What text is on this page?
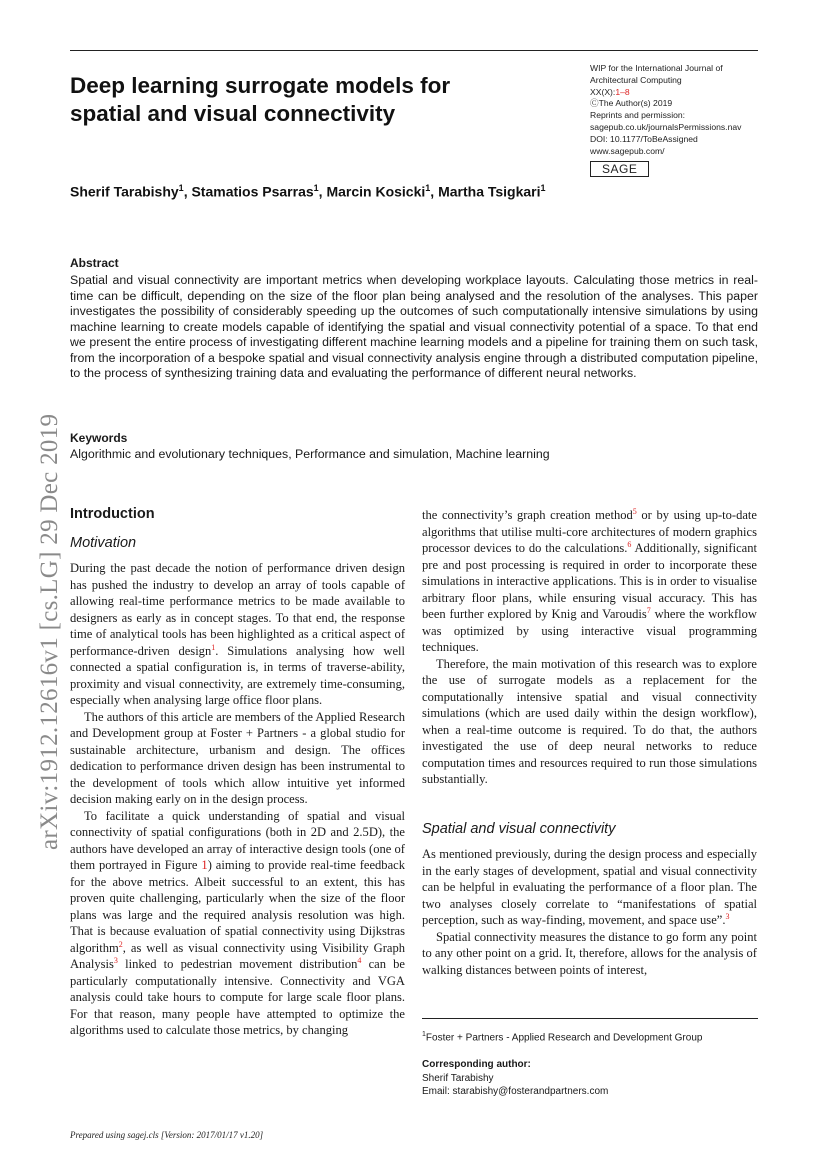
Deep learning surrogate models for
spatial and visual connectivity
WIP for the International Journal of
Architectural Computing
XX(X):1–8
ⒸThe Author(s) 2019
Reprints and permission:
sagepub.co.uk/journalsPermissions.nav
DOI: 10.1177/ToBeAssigned
www.sagepub.com/
SAGE
Sherif Tarabishy$^1$, Stamatios Psarras$^1$, Marcin Kosicki$^1$, Martha Tsigkari$^1$
Abstract
Spatial and visual connectivity are important metrics when developing workplace layouts. Calculating those metrics in real-time can be difficult, depending on the size of the floor plan being analysed and the resolution of the analyses. This paper investigates the possibility of considerably speeding up the outcomes of such computationally intensive simulations by using machine learning to create models capable of identifying the spatial and visual connectivity potential of a space. To that end we present the entire process of investigating different machine learning models and a pipeline for training them on such task, from the incorporation of a bespoke spatial and visual connectivity analysis engine through a distributed computation pipeline, to the process of synthesizing training data and evaluating the performance of different neural networks.
Keywords
Algorithmic and evolutionary techniques, Performance and simulation, Machine learning
arXiv:1912.12616v1 [cs.LG] 29 Dec 2019 Introduction
Motivation

During the past decade the notion of performance driven design has pushed the industry to develop an array of tools capable of allowing real-time performance metrics to be made available to designers as early as in concept stages. To that end, the response time of analytical tools has been highlighted as a critical aspect of performance-driven design$^1$. Simulations analysing how well connected a spatial configuration is, in terms of traverse-ability, proximity and visual connectivity, are extremely time-consuming, especially when analysing large office floor plans.

The authors of this article are members of the Applied Research and Development group at Foster + Partners - a global studio for sustainable architecture, urbanism and design. The offices dedication to performance driven design has been instrumental to the development of tools which allow intuitive yet informed decision making early on in the design process.

To facilitate a quick understanding of spatial and visual connectivity of spatial configurations (both in 2D and 2.5D), the authors have developed an array of interactive design tools (one of them portrayed in Figure 1) aiming to provide real-time feedback for the above metrics. Albeit successful to an extent, this has proven quite challenging, particularly when the size of the floor plans was large and the required analysis resolution was high. That is because evaluation of spatial connectivity using Dijkstras algorithm$^2$, as well as visual connectivity using Visibility Graph Analysis$^3$ linked to pedestrian movement distribution$^4$ can be particularly computationally intensive. Connectivity and VGA analysis could take hours to compute for large scale floor plans. For that reason, many people have attempted to optimize the algorithms used to calculate those metrics, by changing

the connectivity’s graph creation method$^5$ or by using up-to-date algorithms that utilise multi-core architectures of modern graphics processor devices to do the calculations.$^6$ Additionally, significant pre and post processing is required in order to incorporate these simulations in interactive applications. This is in order to visualise arbitrary floor plans, while ensuring visual accuracy. This has been further explored by Knig and Varoudis$^7$ where the workflow was optimized by using interactive visual programming techniques.

Therefore, the main motivation of this research was to explore the use of surrogate models as a replacement for the computationally intensive spatial and visual connectivity simulations (which are used daily within the design workflow), when a real-time outcome is required. To do that, the authors investigated the use of deep neural networks to reduce computation times and resources required to run those simulations substantially.

Spatial and visual connectivity

As mentioned previously, during the design process and especially in the early stages of development, spatial and visual connectivity can be helpful in evaluating the performance of a floor plan. The two analyses closely correlate to “manifestations of spatial perception, such as way-finding, movement, and space use”.$^3$

Spatial connectivity measures the distance to go form any point to any other point on a grid. It, therefore, allows for the analysis of walking distances between points of interest,

$^1$Foster + Partners - Applied Research and Development Group
Corresponding author:
Sherif Tarabishy
Email: starabishy@fosterandpartners.com
Prepared using sagej.cls [Version: 2017/01/17 v1.20]
